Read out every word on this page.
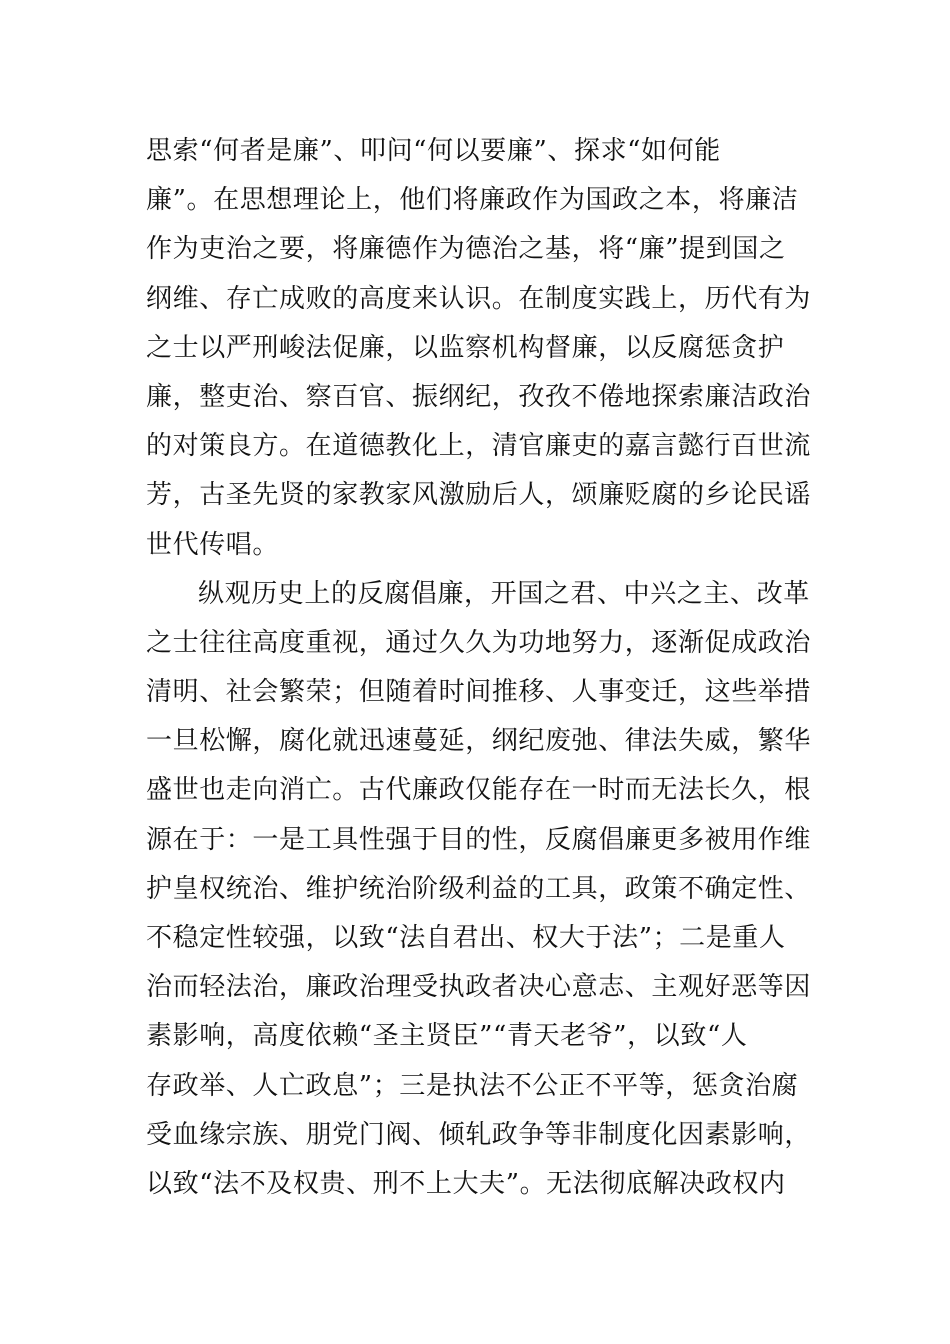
思索“何者是廉”、叩问“何以要廉”、探求“如何能
廉”。在思想理论上，他们将廉政作为国政之本，将廉洁
作为吏治之要，将廉德作为德治之基，将“廉”提到国之
纲维、存亡成败的高度来认识。在制度实践上，历代有为
之士以严刑峻法促廉，以监察机构督廉，以反腐惩贪护
廉，整吏治、察百官、振纲纪，孜孜不倦地探索廉洁政治
的对策良方。在道德教化上，清官廉吏的嘉言懿行百世流
芳，古圣先贤的家教家风激励后人，颂廉贬腐的乡论民谣
世代传唱。
纵观历史上的反腐倡廉，开国之君、中兴之主、改革
之士往往高度重视，通过久久为功地努力，逐渐促成政治
清明、社会繁荣；但随着时间推移、人事变迁，这些举措
一旦松懈，腐化就迅速蔓延，纲纪废弛、律法失威，繁华
盛世也走向消亡。古代廉政仅能存在一时而无法长久，根
源在于：一是工具性强于目的性，反腐倡廉更多被用作维
护皇权统治、维护统治阶级利益的工具，政策不确定性、
不稳定性较强，以致“法自君出、权大于法”；二是重人
治而轻法治，廉政治理受执政者决心意志、主观好恶等因
素影响，高度依赖“圣主贤臣”“青天老爷”，以致“人
存政举、人亡政息”；三是执法不公正不平等，惩贪治腐
受血缘宗族、朋党门阀、倾轧政争等非制度化因素影响，
以致“法不及权贵、刑不上大夫”。无法彻底解决政权内
